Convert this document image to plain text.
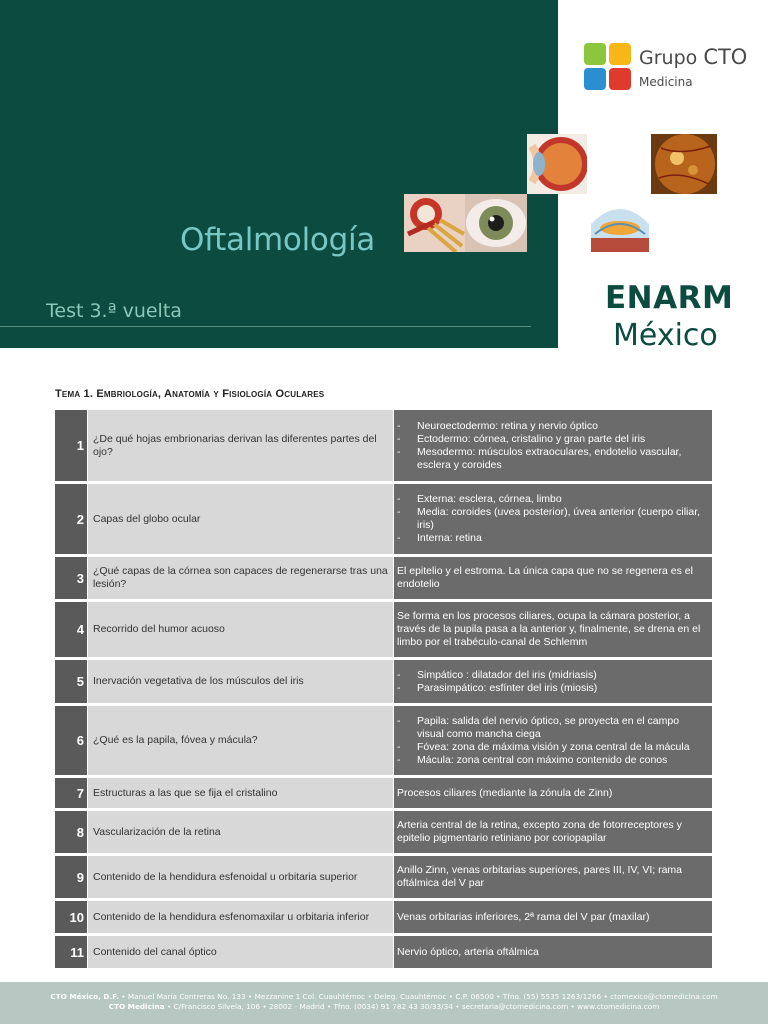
Oftalmología
Test 3.ª vuelta
Grupo CTO
Medicina
ENARM
México
Tema 1. Embriología, Anatomía y Fisiología Oculares
1 ¿De qué hojas embrionarias derivan las diferentes partes del ojo?
- Neuroectodermo: retina y nervio óptico
- Ectodermo: córnea, cristalino y gran parte del iris
- Mesodermo: músculos extraoculares, endotelio vascular, esclera y coroides
2 Capas del globo ocular
- Externa: esclera, córnea, limbo
- Media: coroides (uvea posterior), úvea anterior (cuerpo ciliar, iris)
- Interna: retina
3 ¿Qué capas de la córnea son capaces de regenerarse tras una lesión?
El epitelio y el estroma. La única capa que no se regenera es el endotelio
4 Recorrido del humor acuoso
Se forma en los procesos ciliares, ocupa la cámara posterior, a través de la pupila pasa a la anterior y, finalmente, se drena en el limbo por el trabéculo-canal de Schlemm
5 Inervación vegetativa de los músculos del iris
- Simpático : dilatador del iris (midriasis)
- Parasimpático: esfínter del iris (miosis)
6 ¿Qué es la papila, fóvea y mácula?
- Papila: salida del nervio óptico, se proyecta en el campo visual como mancha ciega
- Fóvea: zona de máxima visión y zona central de la mácula
- Mácula: zona central con máximo contenido de conos
7 Estructuras a las que se fija el cristalino	Procesos ciliares (mediante la zónula de Zinn)
8 Vascularización de la retina
Arteria central de la retina, excepto zona de fotorreceptores y epitelio pigmentario retiniano por coriopapilar
9 Contenido de la hendidura esfenoidal u orbitaria superior
Anillo Zinn, venas orbitarias superiores, pares III, IV, VI; rama oftálmica del V par
10 Contenido de la hendidura esfenomaxilar u orbitaria inferior	Venas orbitarias inferiores, 2ª rama del V par (maxilar)
11 Contenido del canal óptico	Nervio óptico, arteria oftálmica
CTO México, D.F. • Manuel María Contreras No. 133 • Mezzanine 1 Col. Cuauhtémoc • Deleg. Cuauhtémoc • C.P. 06500 • Tfno. (55) 5535 1263/1266 • ctomexico@ctomedicina.com
CTO Medicina • C/Francisco Silvela, 106 • 28002 - Madrid • Tfno. (0034) 91 782 43 30/33/34 • secretaria@ctomedicina.com • www.ctomedicina.com
